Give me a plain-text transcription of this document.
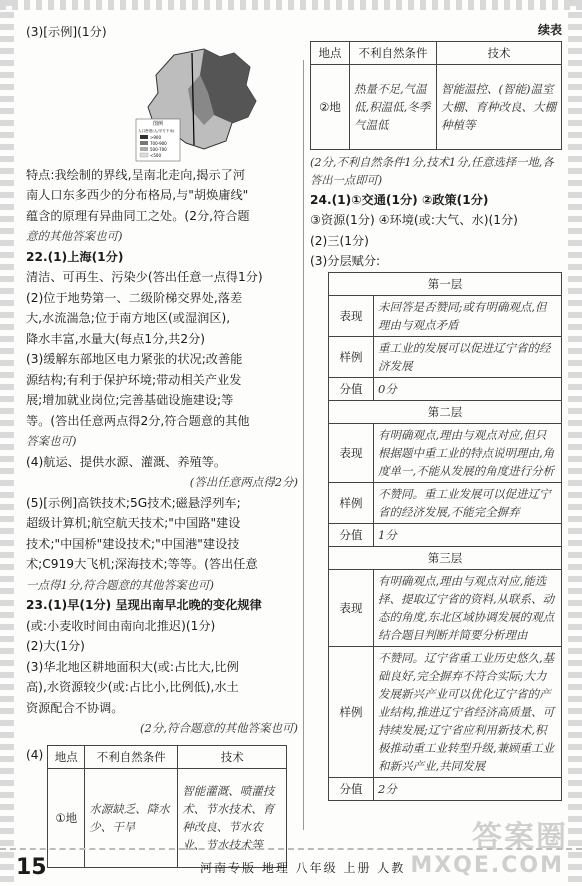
(3)[示例](1分)
图例
人口密度(人/平方千米)
>900
700-900
500-700
<500
特点:我绘制的界线,呈南北走向,揭示了河
南人口东多西少的分布格局,与"胡焕庸线"
蕴含的原理有异曲同工之处。(2分,符合题
意的其他答案也可)
22.(1)上海(1分)
清洁、可再生、污染少(答出任意一点得1分)
(2)位于地势第一、二级阶梯交界处,落差
大,水流湍急;位于南方地区(或湿润区),
降水丰富,水量大(每点1分,共2分)
(3)缓解东部地区电力紧张的状况;改善能
源结构;有利于保护环境;带动相关产业发
展;增加就业岗位;完善基础设施建设;等
等。(答出任意两点得2分,符合题意的其他
答案也可)
(4)航运、提供水源、灌溉、养殖等。
(答出任意两点得2分)
(5)[示例]高铁技术;5G技术;磁悬浮列车;
超级计算机;航空航天技术;"中国路"建设
技术;"中国桥"建设技术;"中国港"建设技
术;C919大飞机;深海技术;等等。(答出任意
一点得1分,符合题意的其他答案也可)
23.(1)早(1分) 呈现出南早北晚的变化规律
(或:小麦收时间由南向北推迟)(1分)
(2)大(1分)
(3)华北地区耕地面积大(或:占比大,比例
高),水资源较少(或:占比小,比例低),水土
资源配合不协调。
(2分,符合题意的其他答案也可)
(4) 地点	不利自然条件	技术
①地	水源缺乏、降水少、干旱	智能灌溉、喷灌技术、节水技术、育种改良、节水农业、节水技术等
续表
地点	不利自然条件	技术
②地	热量不足,气温低,积温低,冬季气温低	智能温控、(智能)温室大棚、育种改良、大棚种植等
(2分,不利自然条件1分,技术1分,任意选择一地,各答出一点即可)
24.(1)①交通(1分) ②政策(1分)
③资源(1分) ④环境(或:大气、水)(1分)
(2)三(1分)
(3)分层赋分:
第一层	
表现	未回答是否赞同;或有明确观点,但理由与观点矛盾
样例	重工业的发展可以促进辽宁省的经济发展
分值	0分
第二层	
表现	有明确观点,理由与观点对应,但只根据题中重工业的特点说明理由,角度单一,不能从发展的角度进行分析
样例	不赞同。重工业发展可以促进辽宁省的经济发展,不能完全摒弃
分值	1分
第三层	
表现	有明确观点,理由与观点对应,能选择、提取辽宁省的资料,从联系、动态的角度,东北区域协调发展的观点结合题目判断并简要分析理由
样例	不赞同。辽宁省重工业历史悠久,基础良好,完全摒弃不符合实际;大力发展新兴产业可以优化辽宁省的产业结构,推进辽宁省经济高质量、可持续发展;辽宁省应利用新技术,积极推动重工业转型升级,兼顾重工业和新兴产业,共同发展
分值	2分
答案圈
MXQE.COM
15	河南专版 地理 八年级 上册 人教
